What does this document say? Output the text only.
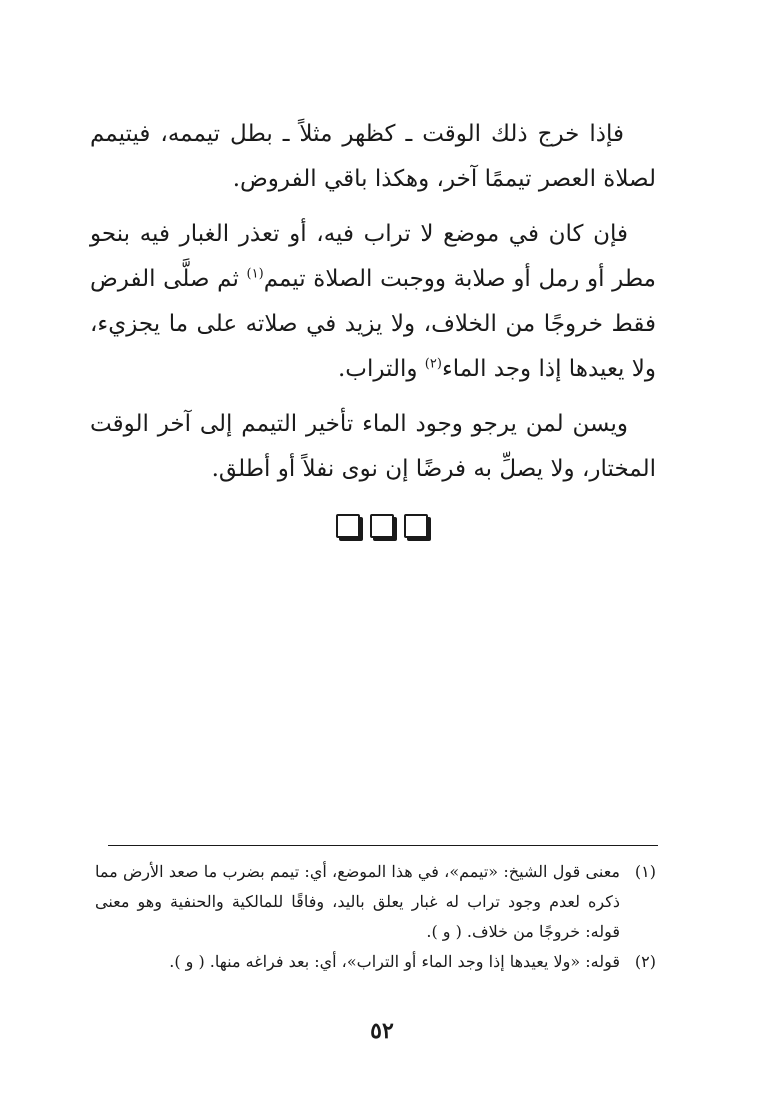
فإذا خرج ذلك الوقت ـ كظهر مثلاً ـ بطل تيممه، فيتيمم لصلاة العصر تيممًا آخر، وهكذا باقي الفروض.

فإن كان في موضع لا تراب فيه، أو تعذر الغبار فيه بنحو مطر أو رمل أو صلابة ووجبت الصلاة تيمم$^{(١)}$ ثم صلَّى الفرض فقط خروجًا من الخلاف، ولا يزيد في صلاته على ما يجزيء، ولا يعيدها إذا وجد الماء$^{(٢)}$ والتراب.

ويسن لمن يرجو وجود الماء تأخير التيمم إلى آخر الوقت المختار، ولا يصلِّ به فرضًا إن نوى نفلاً أو أطلق.

(١)
معنى قول الشيخ: «تيمم»، في هذا الموضع، أي: تيمم بضرب ما صعد الأرض مما ذكره لعدم وجود تراب له غبار يعلق باليد، وفاقًا للمالكية والحنفية وهو معنى قوله: خروجًا من خلاف. ( و ).
(٢)
قوله: «ولا يعيدها إذا وجد الماء أو التراب»، أي: بعد فراغه منها. ( و ).
٥٢
